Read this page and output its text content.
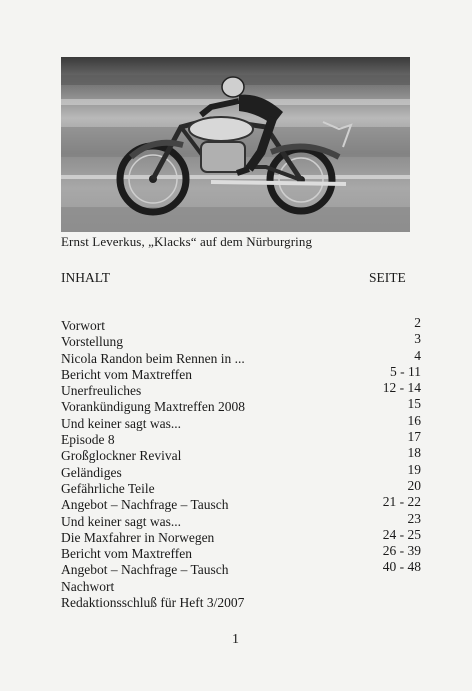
Ernst Leverkus, „Klacks“ auf dem Nürburgring
INHALT	SEITE
Vorwort	2
Vorstellung	3
Nicola Randon beim Rennen in ...	4
Bericht vom Maxtreffen	5 - 11
Unerfreuliches	12 - 14
Vorankündigung Maxtreffen 2008	15
Und keiner sagt was...	16
Episode 8	17
Großglockner Revival	18
Geländiges	19
Gefährliche Teile	20
Angebot – Nachfrage – Tausch	21 - 22
Und keiner sagt was...	23
Die Maxfahrer in Norwegen	24 - 25
Bericht vom Maxtreffen	26 - 39
Angebot – Nachfrage – Tausch	40 - 48
Nachwort
Redaktionsschluß für Heft 3/2007
1
